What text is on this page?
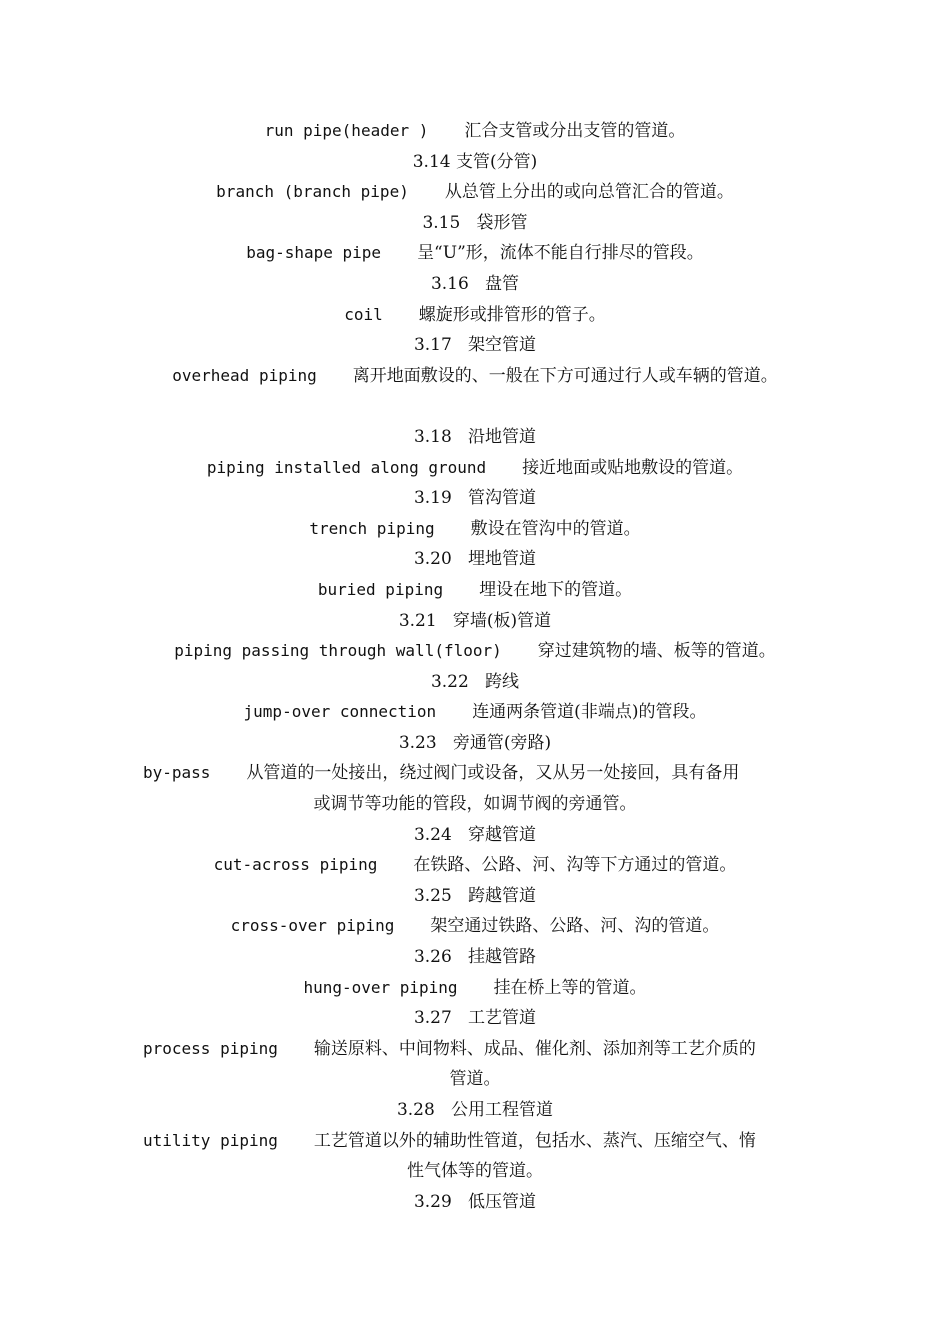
run pipe(header ) 汇合支管或分出支管的管道。
3.14 支管(分管)
branch (branch pipe) 从总管上分出的或向总管汇合的管道。
3.15   袋形管
bag-shape pipe 呈“U”形，流体不能自行排尽的管段。
3.16   盘管
coil 螺旋形或排管形的管子。
3.17   架空管道
overhead piping 离开地面敷设的、一般在下方可通过行人或车辆的管道。
3.18   沿地管道
piping installed along ground 接近地面或贴地敷设的管道。
3.19   管沟管道
trench piping 敷设在管沟中的管道。
3.20   埋地管道
buried piping 埋设在地下的管道。
3.21   穿墙(板)管道
piping passing through wall(floor) 穿过建筑物的墙、板等的管道。
3.22   跨线
jump-over connection 连通两条管道(非端点)的管段。
3.23   旁通管(旁路)
by-pass 从管道的一处接出，绕过阀门或设备，又从另一处接回，具有备用
或调节等功能的管段，如调节阀的旁通管。
3.24   穿越管道
cut-across piping 在铁路、公路、河、沟等下方通过的管道。
3.25   跨越管道
cross-over piping 架空通过铁路、公路、河、沟的管道。
3.26   挂越管路
hung-over piping 挂在桥上等的管道。
3.27   工艺管道
process piping 输送原料、中间物料、成品、催化剂、添加剂等工艺介质的
管道。
3.28   公用工程管道
utility piping 工艺管道以外的辅助性管道，包括水、蒸汽、压缩空气、惰
性气体等的管道。
3.29   低压管道
